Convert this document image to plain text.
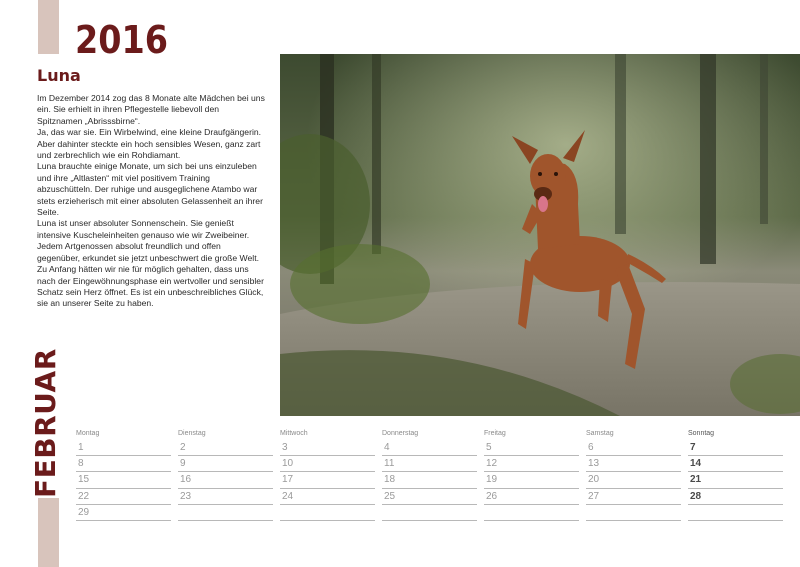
2016
FEBRUAR
Luna

Im Dezember 2014 zog das 8 Monate alte Mädchen bei uns ein. Sie erhielt in ihren Pflegestelle liebevoll den Spitznamen „Abrisssbirne“.

Ja, das war sie. Ein Wirbelwind, eine kleine Draufgängerin. Aber dahinter steckte ein hoch sensibles Wesen, ganz zart und zerbrechlich wie ein Rohdiamant.

Luna brauchte einige Monate, um sich bei uns einzuleben und ihre „Altlasten“ mit viel positivem Training abzuschütteln. Der ruhige und ausgeglichene Atambo war stets erzieherisch mit einer absoluten Gelassenheit an ihrer Seite.

Luna ist unser absoluter Sonnenschein. Sie genießt intensive Kuscheleinheiten genauso wie wir Zweibeiner. Jedem Artgenossen absolut freundlich und offen gegenüber, erkundet sie jetzt unbeschwert die große Welt.

Zu Anfang hätten wir nie für möglich gehalten, dass uns nach der Eingewöhnungsphase ein wertvoller und sensibler Schatz sein Herz öffnet. Es ist ein unbeschreibliches Glück, sie an unserer Seite zu haben.

Montag
1
8
15
22
29
Dienstag
2
9
16
23
Mittwoch
3
10
17
24
Donnerstag
4
11
18
25
Freitag
5
12
19
26
Samstag
6
13
20
27
Sonntag
7
14
21
28
